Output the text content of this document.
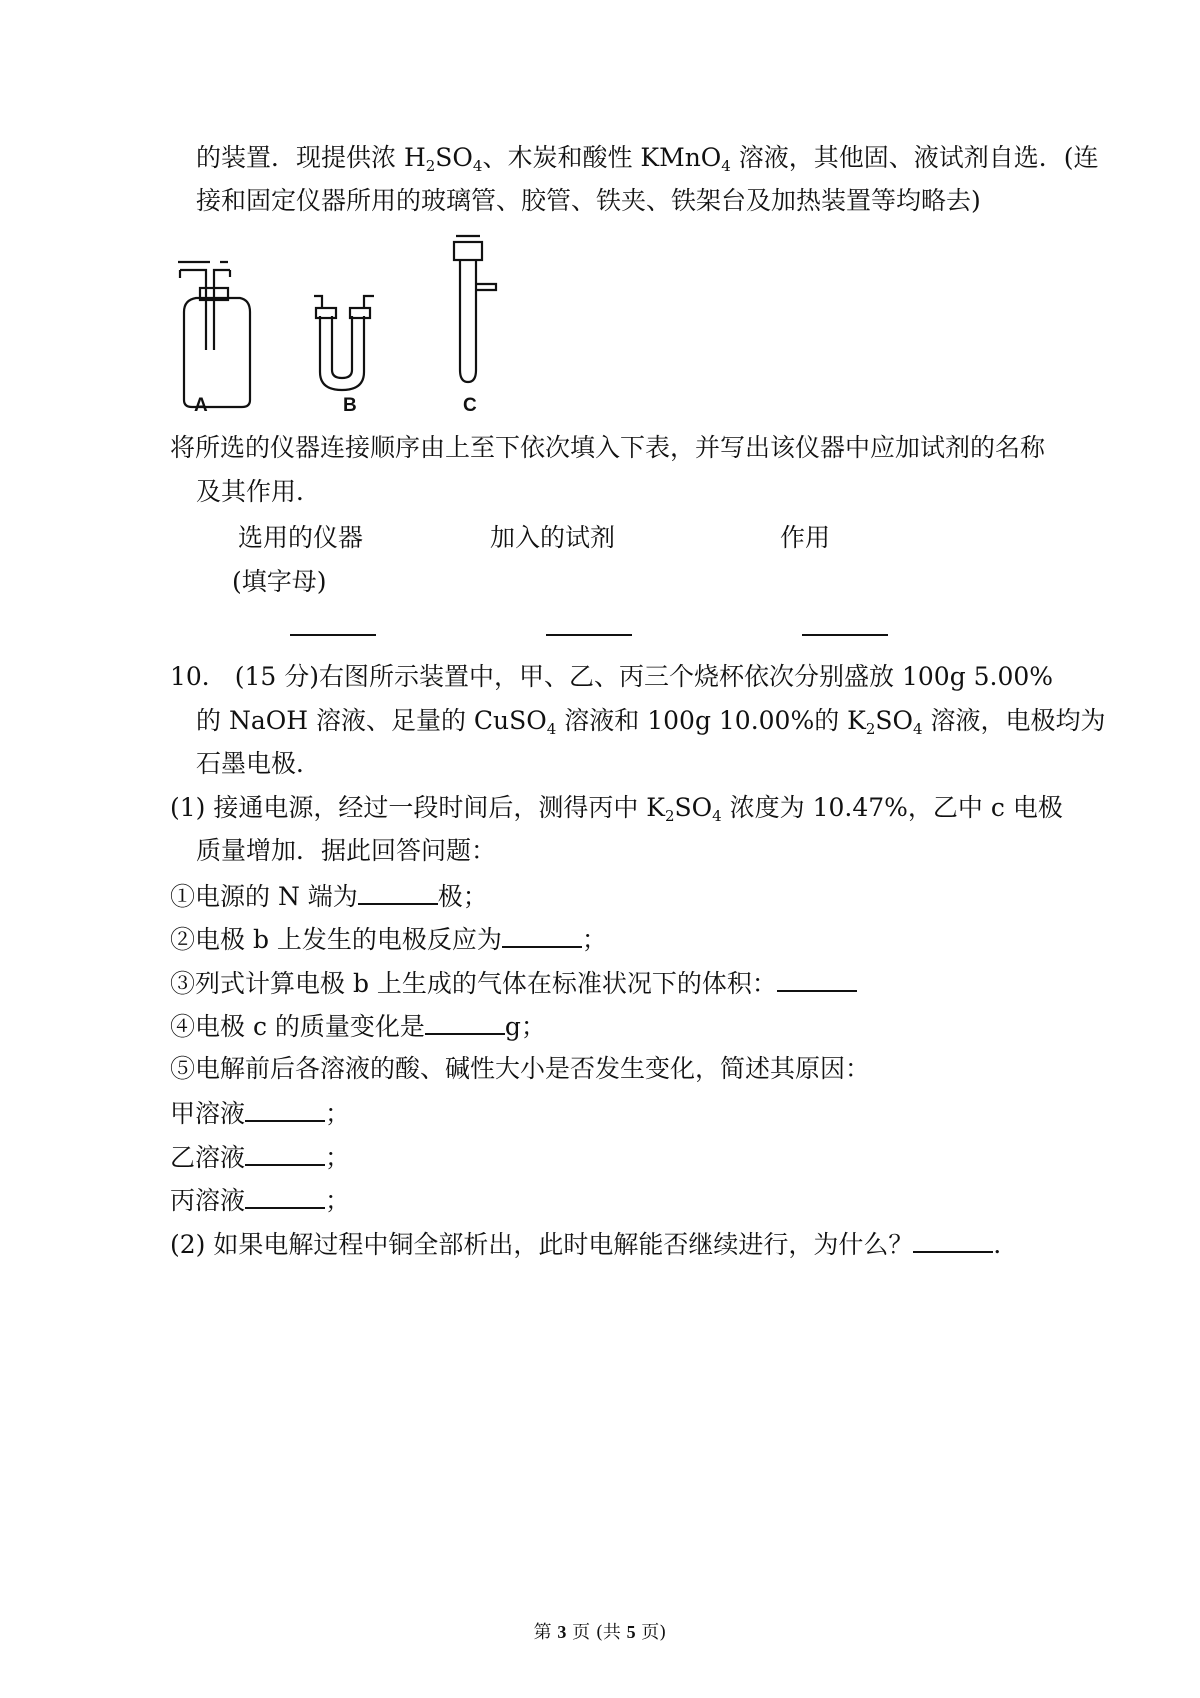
的装置．现提供浓 $H_2SO_4$、木炭和酸性 KMnO$_4$ 溶液，其他固、液试剂自选．(连
接和固定仪器所用的玻璃管、胶管、铁夹、铁架台及加热装置等均略去)
A	B	C
将所选的仪器连接顺序由上至下依次填入下表，并写出该仪器中应加试剂的名称
及其作用．
选用的仪器	加入的试剂	作用
(填字母)
10． (15 分)右图所示装置中，甲、乙、丙三个烧杯依次分别盛放 100g 5.00%
的 NaOH 溶液、足量的 CuSO$_4$ 溶液和 100g 10.00%的 $K_2SO_4$ 溶液，电极均为
石墨电极．
(1) 接通电源，经过一段时间后，测得丙中 $K_2SO_4$ 浓度为 10.47%，乙中 c 电极
质量增加．据此回答问题：
①电源的 N 端为	极；
②电极 b 上发生的电极反应为	；
③列式计算电极 b 上生成的气体在标准状况下的体积：
④电极 c 的质量变化是	g；
⑤电解前后各溶液的酸、碱性大小是否发生变化，简述其原因：
甲溶液	；
乙溶液	；
丙溶液	；
(2) 如果电解过程中铜全部析出，此时电解能否继续进行，为什么？	．
第 3 页 (共 5 页)
